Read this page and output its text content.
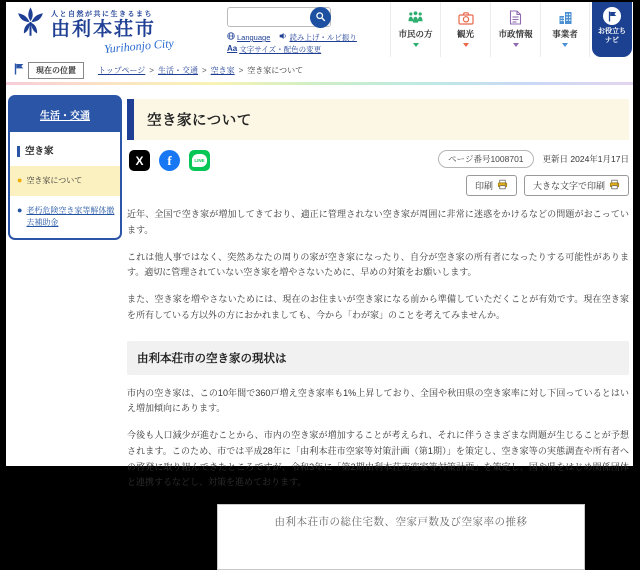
人と自然が共に生きるまち
由利本荘市
Yurihonjo City	Language	読み上げ・ルビ振り
Aa 文字サイズ・配色の変更
市民の方	観光	市政情報 事業者	お役立ち
ナビ
現在の位置	トップページ > 生活・交通 > 空き家 > 空き家について
生活・交通
空き家
● 空き家について
● 老朽危険空き家等解体撤去補助金
空き家について
X f	LINE	ページ番号1008701	更新日 2024年1月17日
印刷	大きな文字で印刷

近年、全国で空き家が増加してきており、適正に管理されない空き家が周囲に非常に迷惑をかけるなどの問題がおこっています。

これは他人事ではなく、突然あなたの周りの家が空き家になったり、自分が空き家の所有者になったりする可能性があります。適切に管理されていない空き家を増やさないために、早めの対策をお願いします。

また、空き家を増やさないためには、現在のお住まいが空き家になる前から準備していただくことが有効です。現在空き家を所有している方以外の方におかれましても、今から「わが家」のことを考えてみませんか。

由利本荘市の空き家の現状は

市内の空き家は、この10年間で360戸増え空き家率も1%上昇しており、全国や秋田県の空き家率に対し下回っているとはいえ増加傾向にあります。

今後も人口減少が進むことから、市内の空き家が増加することが考えられ、それに伴うさまざまな問題が生じることが予想されます。このため、市では平成28年に「由利本荘市空家等対策計画（第1期）」を策定し、空き家等の実態調査や所有者への啓発に取り組んできたところですが、令和3年に「第2期由利本荘市空家等対策計画」を策定し、国や県をはじめ関係団体と連携するなどし、対策を進めております。

由利本荘市の総住宅数、空家戸数及び空家率の推移
